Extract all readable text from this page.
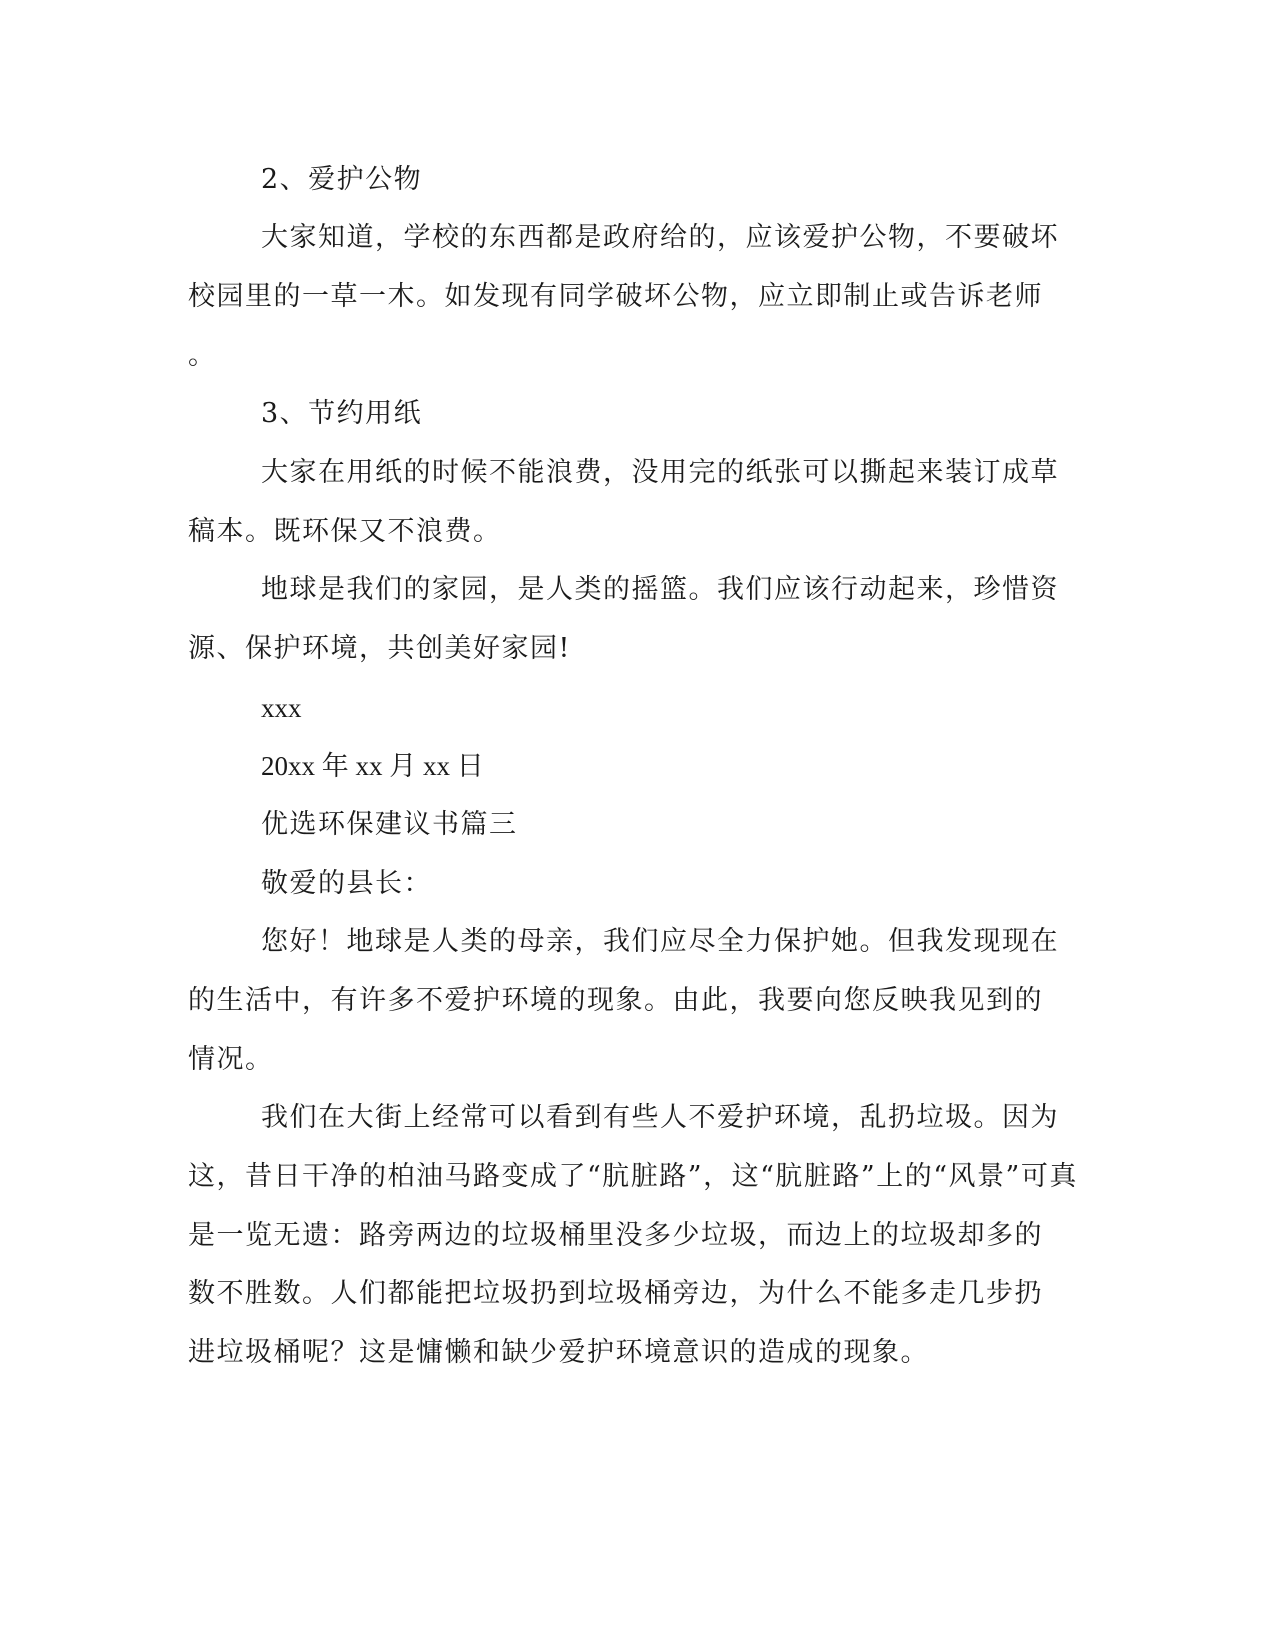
2、爱护公物
大家知道，学校的东西都是政府给的，应该爱护公物，不要破坏
校园里的一草一木。如发现有同学破坏公物，应立即制止或告诉老师
。
3、节约用纸
大家在用纸的时候不能浪费，没用完的纸张可以撕起来装订成草
稿本。既环保又不浪费。
地球是我们的家园，是人类的摇篮。我们应该行动起来，珍惜资
源、保护环境，共创美好家园!
xxx
20xx 年 xx 月 xx 日
优选环保建议书篇三
敬爱的县长：
您好！地球是人类的母亲，我们应尽全力保护她。但我发现现在
的生活中，有许多不爱护环境的现象。由此，我要向您反映我见到的
情况。
我们在大街上经常可以看到有些人不爱护环境，乱扔垃圾。因为
这，昔日干净的柏油马路变成了“肮脏路”，这“肮脏路”上的“风景”可真
是一览无遗：路旁两边的垃圾桶里没多少垃圾，而边上的垃圾却多的
数不胜数。人们都能把垃圾扔到垃圾桶旁边，为什么不能多走几步扔
进垃圾桶呢？这是慵懒和缺少爱护环境意识的造成的现象。
